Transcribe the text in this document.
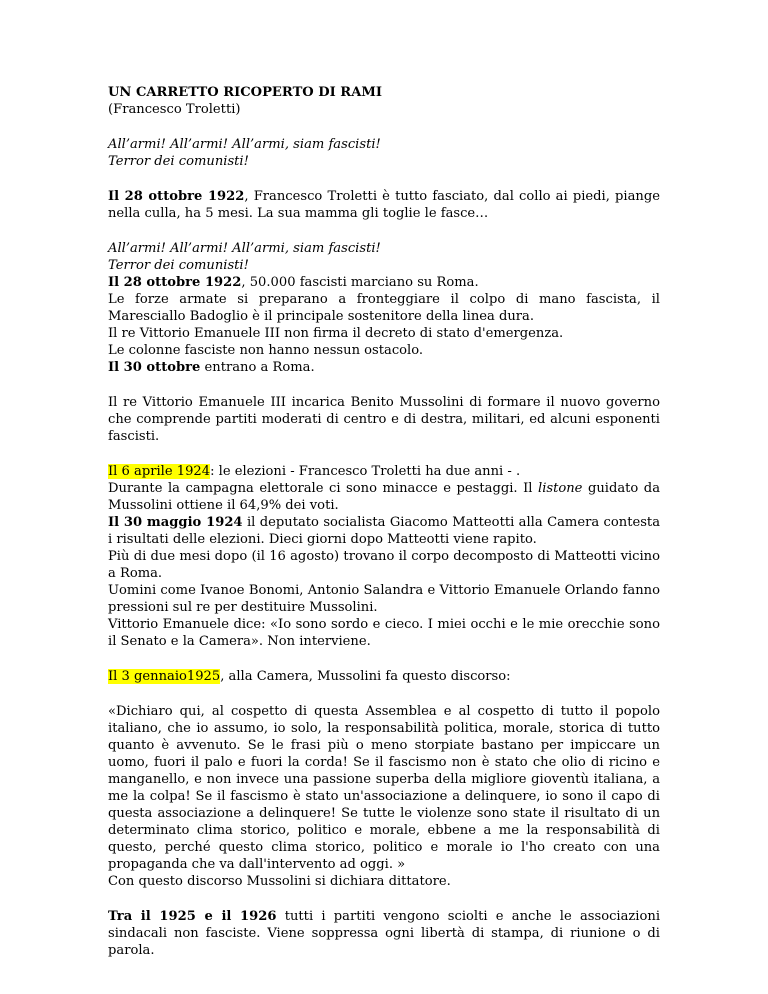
UN CARRETTO RICOPERTO DI RAMI
(Francesco Troletti)

All’armi! All’armi! All’armi, siam fascisti!
Terror dei comunisti!

Il 28 ottobre 1922, Francesco Troletti è tutto fasciato, dal collo ai piedi, piange nella culla, ha 5 mesi. La sua mamma gli toglie le fasce…

All’armi! All’armi! All’armi, siam fascisti!
Terror dei comunisti!
Il 28 ottobre 1922, 50.000 fascisti marciano su Roma.
Le forze armate si preparano a fronteggiare il colpo di mano fascista, il Maresciallo Badoglio è il principale sostenitore della linea dura.
Il re Vittorio Emanuele III non firma il decreto di stato d'emergenza.
Le colonne fasciste non hanno nessun ostacolo.
Il 30 ottobre entrano a Roma.

Il re Vittorio Emanuele III incarica Benito Mussolini di formare il nuovo governo che comprende partiti moderati di centro e di destra, militari, ed alcuni esponenti fascisti.

Il 6 aprile 1924: le elezioni - Francesco Troletti ha due anni - .
Durante la campagna elettorale ci sono minacce e pestaggi. Il listone guidato da Mussolini ottiene il 64,9% dei voti.
Il 30 maggio 1924 il deputato socialista Giacomo Matteotti alla Camera contesta i risultati delle elezioni. Dieci giorni dopo Matteotti viene rapito.
Più di due mesi dopo (il 16 agosto) trovano il corpo decomposto di Matteotti vicino a Roma.
Uomini come Ivanoe Bonomi, Antonio Salandra e Vittorio Emanuele Orlando fanno pressioni sul re per destituire Mussolini.
Vittorio Emanuele dice: «Io sono sordo e cieco. I miei occhi e le mie orecchie sono il Senato e la Camera». Non interviene.

Il 3 gennaio1925, alla Camera, Mussolini fa questo discorso:

«Dichiaro qui, al cospetto di questa Assemblea e al cospetto di tutto il popolo italiano, che io assumo, io solo, la responsabilità politica, morale, storica di tutto quanto è avvenuto. Se le frasi più o meno storpiate bastano per impiccare un uomo, fuori il palo e fuori la corda! Se il fascismo non è stato che olio di ricino e manganello, e non invece una passione superba della migliore gioventù italiana, a me la colpa! Se il fascismo è stato un'associazione a delinquere, io sono il capo di questa associazione a delinquere! Se tutte le violenze sono state il risultato di un determinato clima storico, politico e morale, ebbene a me la responsabilità di questo, perché questo clima storico, politico e morale io l'ho creato con una propaganda che va dall'intervento ad oggi. »
Con questo discorso Mussolini si dichiara dittatore.

Tra il 1925 e il 1926 tutti i partiti vengono sciolti e anche le associazioni sindacali non fasciste. Viene soppressa ogni libertà di stampa, di riunione o di parola.
